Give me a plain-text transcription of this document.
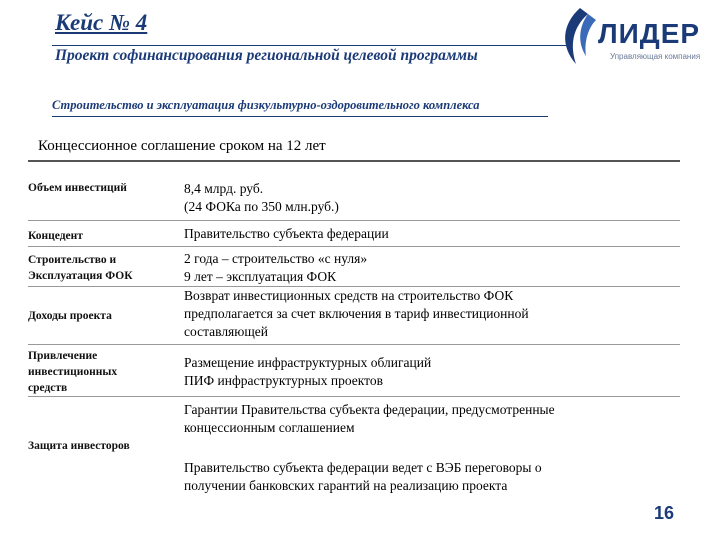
Кейс № 4
Проект софинансирования региональной целевой программы
ЛИДЕР
Управляющая компания
Строительство и эксплуатация физкультурно-оздоровительного комплекса
Концессионное соглашение сроком на 12 лет
Объем инвестиций	8,4 млрд. руб.
(24 ФОКа по 350 млн.руб.)
Концедент	Правительство субъекта федерации
Строительство и
Эксплуатация ФОК
2 года – строительство «с нуля»
9 лет – эксплуатация ФОК
Доходы проекта
Возврат инвестиционных средств на строительство ФОК
предполагается за счет включения в тариф инвестиционной
составляющей
Привлечение
инвестиционных
средств
Размещение инфраструктурных облигаций
ПИФ инфраструктурных проектов
Защита инвесторов
Гарантии Правительства субъекта федерации, предусмотренные
концессионным соглашением
Правительство субъекта федерации ведет с ВЭБ переговоры о
получении банковских гарантий на реализацию проекта
16
